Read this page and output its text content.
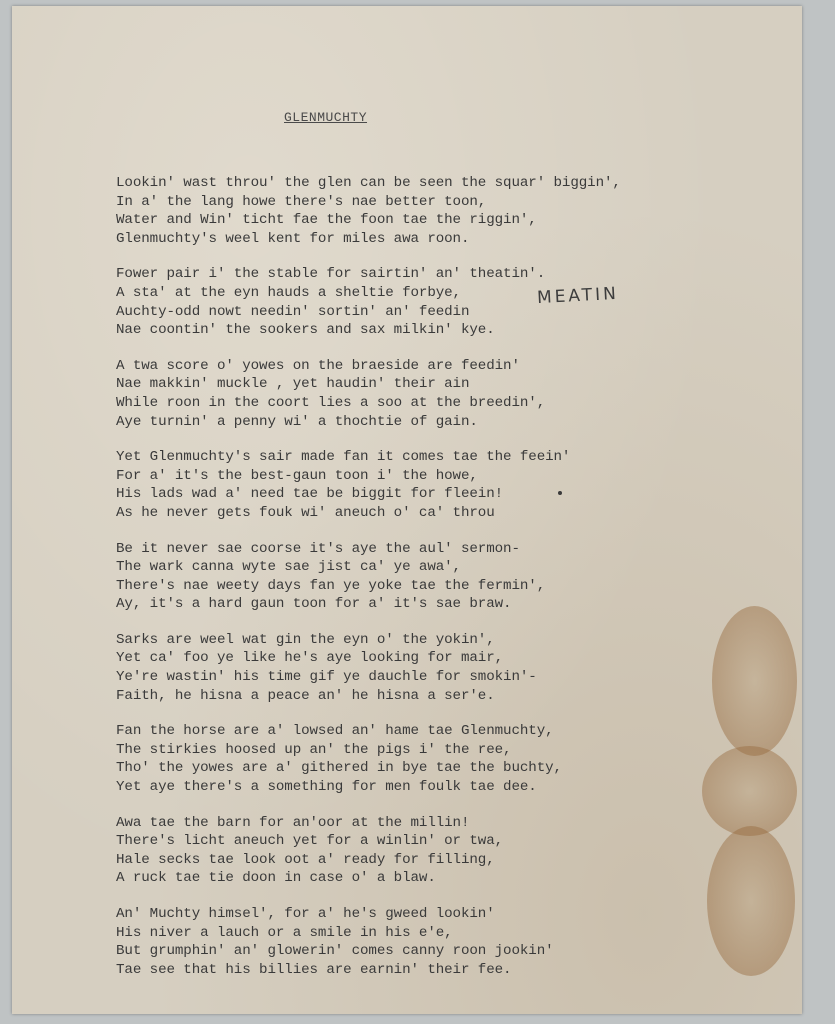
GLENMUCHTY
MEATIN
Lookin' wast throu' the glen can be seen the squar' biggin',
In a' the lang howe there's nae better toon,
Water and Win' ticht fae the foon tae the riggin',
Glenmuchty's weel kent for miles awa roon.
Fower pair i' the stable for sairtin' an' theatin'.
A sta' at the eyn hauds a sheltie forbye,
Auchty-odd nowt needin' sortin' an' feedin
Nae coontin' the sookers and sax milkin' kye.
A twa score o' yowes on the braeside are feedin'
Nae makkin' muckle , yet haudin' their ain
While roon in the coort lies a soo at the breedin',
Aye turnin' a penny wi' a thochtie of gain.
Yet Glenmuchty's sair made fan it comes tae the feein'
For a' it's the best-gaun toon i' the howe,
His lads wad a' need tae be biggit for fleein!
As he never gets fouk wi' aneuch o' ca' throu
Be it never sae coorse it's aye the aul' sermon-
The wark canna wyte sae jist ca' ye awa',
There's nae weety days fan ye yoke tae the fermin',
Ay, it's a hard gaun toon for a' it's sae braw.
Sarks are weel wat gin the eyn o' the yokin',
Yet ca' foo ye like he's aye looking for mair,
Ye're wastin' his time gif ye dauchle for smokin'-
Faith, he hisna a peace an' he hisna a ser'e.
Fan the horse are a' lowsed an' hame tae Glenmuchty,
The stirkies hoosed up an' the pigs i' the ree,
Tho' the yowes are a' githered in bye tae the buchty,
Yet aye there's a something for men foulk tae dee.
Awa tae the barn for an'oor at the millin!
There's licht aneuch yet for a winlin' or twa,
Hale secks tae look oot a' ready for filling,
A ruck tae tie doon in case o' a blaw.
An' Muchty himsel', for a' he's gweed lookin'
His niver a lauch or a smile in his e'e,
But grumphin' an' glowerin' comes canny roon jookin'
Tae see that his billies are earnin' their fee.
